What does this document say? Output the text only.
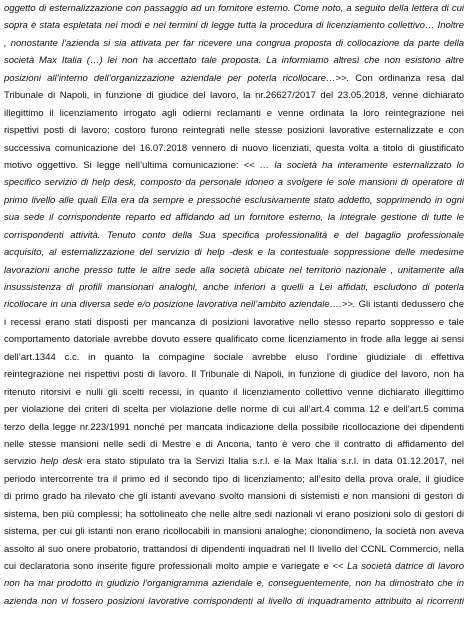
oggetto di esternalizzazione con passaggio ad un fornitore esterno. Come noto, a seguito della lettera di cui
sopra è stata espletata nei modi e nei termini di legge tutta la procedura di licenziamento collettivo… Inoltre
, nonostante l’azienda si sia attivata per far ricevere una congrua proposta di collocazione da parte della
società Max Italia (…) lei non ha accettato tale proposta. La informiamo altresì che non esistono altre
posizioni all’interno dell’organizzazione aziendale per poterla ricollocare…>>. Con ordinanza resa dal
Tribunale di Napoli, in funzione di giudice del lavoro, la nr.26627/2017 del 23.05.2018, venne dichiarato
illegittimo il licenziamento irrogato agli odierni reclamanti e venne ordinata la loro reintegrazione nei
rispettivi posti di lavoro; costoro furono reintegrati nelle stesse posizioni lavorative esternalizzate e con
successiva comunicazione del 16.07.2018 vennero di nuovo licenziati, questa volta a titolo di giustificato
motivo oggettivo. Si legge nell’ultima comunicazione: << … la società ha interamente esternalizzato lo
specifico servizio di help desk, composto da personale idoneo a svolgere le sole mansioni di operatore di
primo livello alle quali Ella era da sempre e pressoché esclusivamente stato addetto, sopprimendo in ogni
sua sede il corrispondente reparto ed affidando ad un fornitore esterno, la integrale gestione di tutte le
corrispondenti attività. Tenuto conto della Sua specifica professionalità e del bagaglio professionale
acquisito, al esternalizzazione del servizio di help -desk e la contestuale soppressione delle medesime
lavorazioni anche presso tutte le altre sede alla società ubicate nel territorio nazionale , unitamente alla
insussistenza di profili mansionari analoghi, anche inferiori a quelli a Lei affidati, escludono di poterla
ricollocare in una diversa sede e/o posizione lavorativa nell’ambito aziendale….>>. Gli istanti dedussero che
i recessi erano stati disposti per mancanza di posizioni lavorative nello stesso reparto soppresso e tale
comportamento datoriale avrebbe dovuto essere qualificato come licenziamento in frode alla legge ai sensi
dell’art.1344 c.c. in quanto la compagine sociale avrebbe eluso l’ordine giudiziale di effettiva
reintegrazione nei rispettivi posti di lavoro. Il Tribunale di Napoli, in funzione di giudice del lavoro, non ha
ritenuto ritorsivi e nulli gli scelti recessi, in quanto il licenziamento collettivo venne dichiarato illegittimo
per violazione dei criteri di scelta per violazione delle norme di cui all’art.4 comma 12 e dell’art.5 comma
terzo della legge nr.223/1991 nonché per mancata indicazione della possibile ricollocazione dei dipendenti
nelle stesse mansioni nelle sedi di Mestre e di Ancona, tanto è vero che il contratto di affidamento del
servizio help desk era stato stipulato tra la Servizi Italia s.r.l. e la Max Italia s.r.l. in data 01.12.2017, nel
periodo intercorrente tra il primo ed il secondo tipo di licenziamento; all’esito della prova orale, il giudice
di primo grado ha rilevato che gli istanti avevano svolto mansioni di sistemisti e non mansioni di gestori di
sistema, ben più complessi; ha sottolineato che nelle altre sedi nazionali vi erano posizioni solo di gestori di
sistema, per cui gli istanti non erano ricollocabili in mansioni analoghe; cionondimeno, la società non aveva
assolto al suo onere probatorio, trattandosi di dipendenti inquadrati nel II livello del CCNL Commercio, nella
cui declaratoria sono inserite figure professionali molto ampie e variegate e << La società datrice di lavoro
non ha mai prodotto in giudizio l’organigramma aziendale e, conseguentemente, non ha dimostrato che in
azienda non vi fossero posizioni lavorative corrispondenti al livello di inquadramento attribuito ai ricorrenti
